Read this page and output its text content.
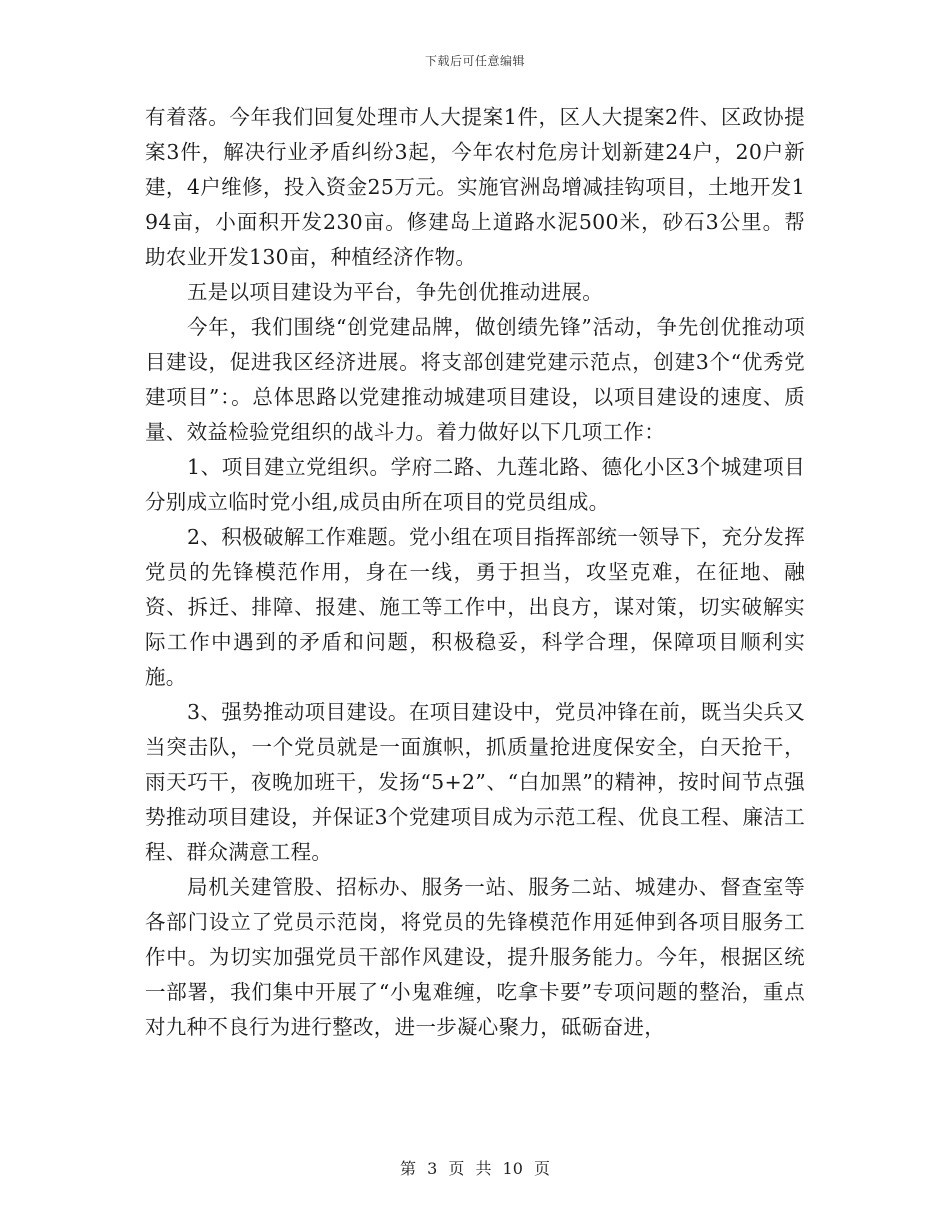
下载后可任意编辑

有着落。今年我们回复处理市人大提案1件，区人大提案2件、区政协提案3件，解决行业矛盾纠纷3起，今年农村危房计划新建24户，20户新建，4户维修，投入资金25万元。实施官洲岛增减挂钩项目，土地开发194亩，小面积开发230亩。修建岛上道路水泥500米，砂石3公里。帮助农业开发130亩，种植经济作物。

五是以项目建设为平台，争先创优推动进展。

今年，我们围绕“创党建品牌，做创绩先锋”活动，争先创优推动项目建设，促进我区经济进展。将支部创建党建示范点，创建3个“优秀党建项目”：。总体思路以党建推动城建项目建设，以项目建设的速度、质量、效益检验党组织的战斗力。着力做好以下几项工作：

1、项目建立党组织。学府二路、九莲北路、德化小区3个城建项目分别成立临时党小组,成员由所在项目的党员组成。

2、积极破解工作难题。党小组在项目指挥部统一领导下，充分发挥党员的先锋模范作用，身在一线，勇于担当，攻坚克难，在征地、融资、拆迁、排障、报建、施工等工作中，出良方，谋对策，切实破解实际工作中遇到的矛盾和问题，积极稳妥，科学合理，保障项目顺利实施。

3、强势推动项目建设。在项目建设中，党员冲锋在前，既当尖兵又当突击队，一个党员就是一面旗帜，抓质量抢进度保安全，白天抢干，雨天巧干，夜晚加班干，发扬“5+2”、“白加黑”的精神，按时间节点强势推动项目建设，并保证3个党建项目成为示范工程、优良工程、廉洁工程、群众满意工程。

局机关建管股、招标办、服务一站、服务二站、城建办、督查室等各部门设立了党员示范岗，将党员的先锋模范作用延伸到各项目服务工作中。为切实加强党员干部作风建设，提升服务能力。今年，根据区统一部署，我们集中开展了“小鬼难缠，吃拿卡要”专项问题的整治，重点对九种不良行为进行整改，进一步凝心聚力，砥砺奋进，

第 3 页 共 10 页
